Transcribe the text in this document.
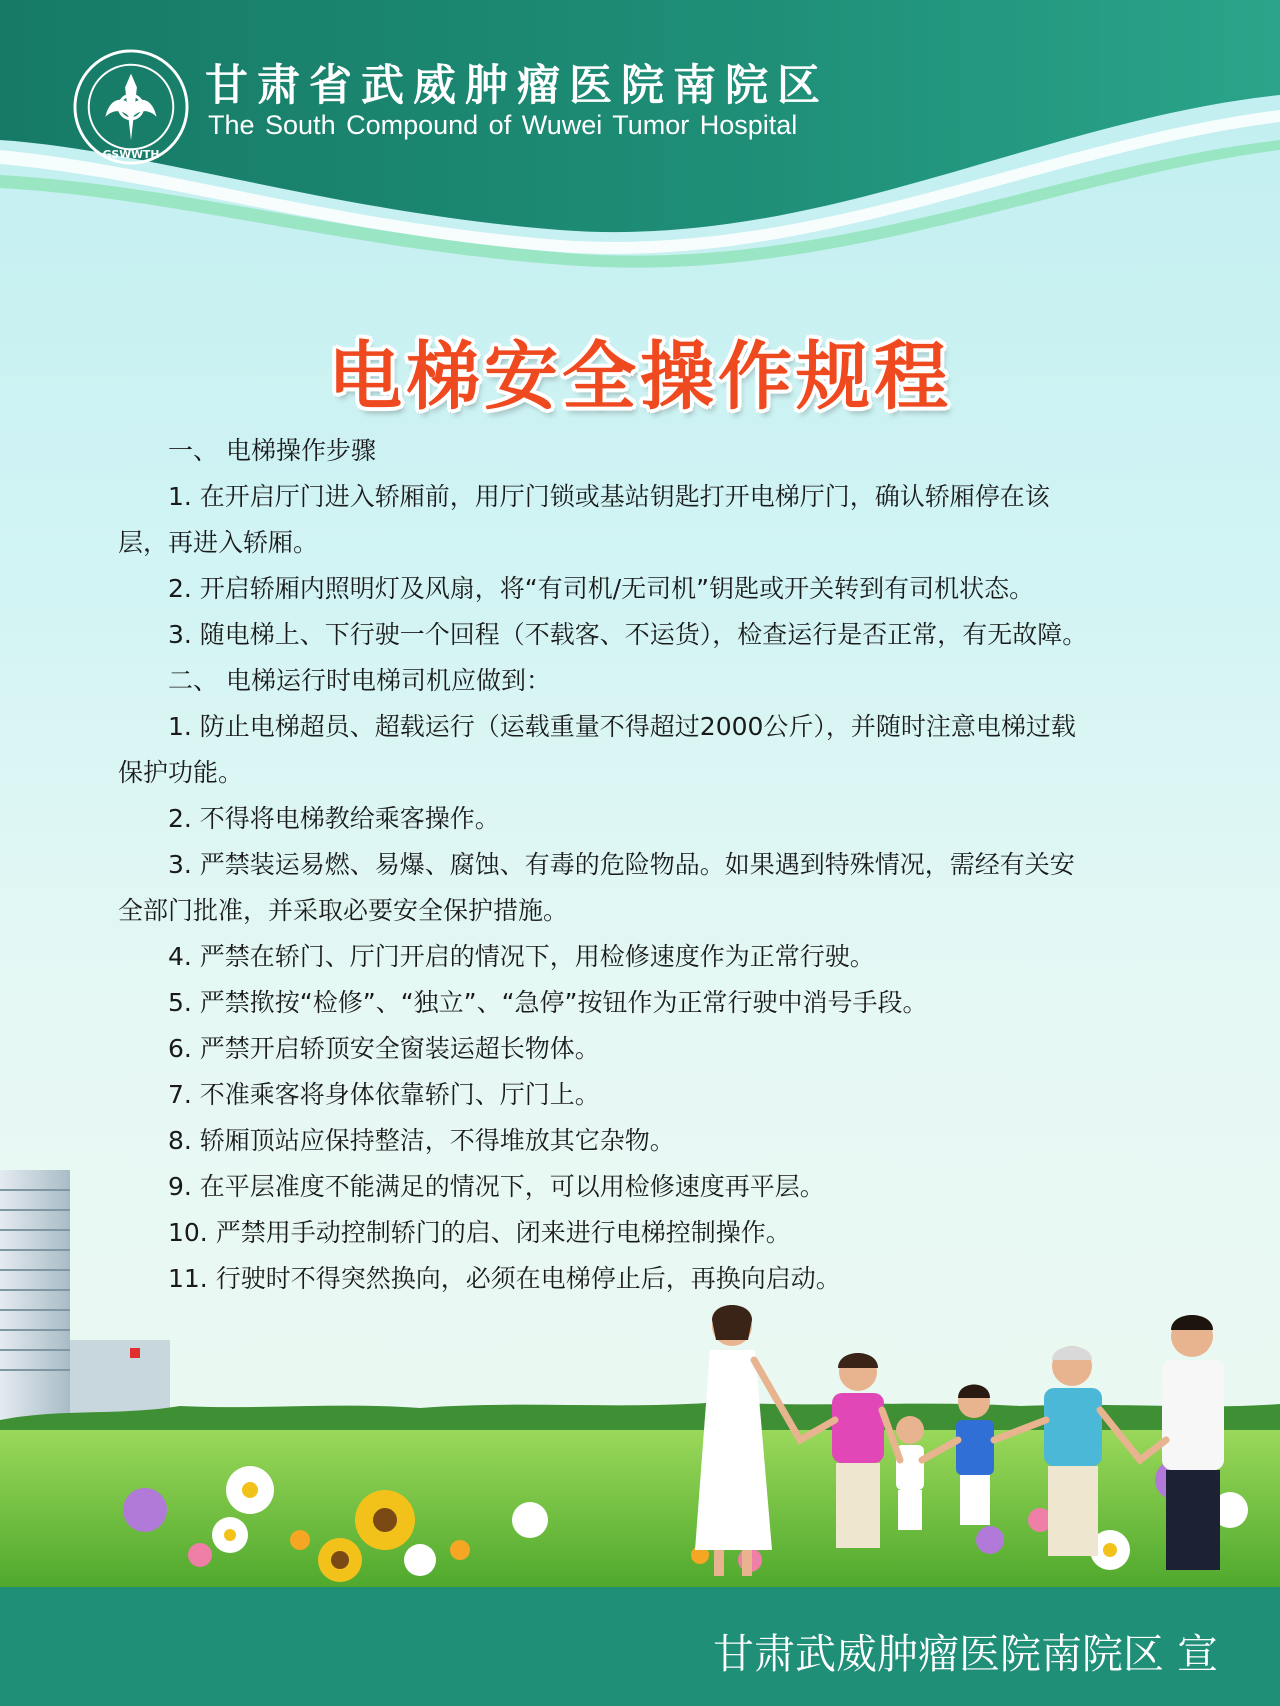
GSWWTH
甘肃省武威肿瘤医院南院区
The South Compound of Wuwei Tumor Hospital
电梯安全操作规程
一、 电梯操作步骤
1. 在开启厅门进入轿厢前，用厅门锁或基站钥匙打开电梯厅门，确认轿厢停在该
层，再进入轿厢。
2. 开启轿厢内照明灯及风扇，将“有司机/无司机”钥匙或开关转到有司机状态。
3. 随电梯上、下行驶一个回程（不载客、不运货），检查运行是否正常，有无故障。
二、 电梯运行时电梯司机应做到：
1. 防止电梯超员、超载运行（运载重量不得超过2000公斤），并随时注意电梯过载
保护功能。
2. 不得将电梯教给乘客操作。
3. 严禁装运易燃、易爆、腐蚀、有毒的危险物品。如果遇到特殊情况，需经有关安
全部门批准，并采取必要安全保护措施。
4. 严禁在轿门、厅门开启的情况下，用检修速度作为正常行驶。
5. 严禁揿按“检修”、“独立”、“急停”按钮作为正常行驶中消号手段。
6. 严禁开启轿顶安全窗装运超长物体。
7. 不准乘客将身体依靠轿门、厅门上。
8. 轿厢顶站应保持整洁，不得堆放其它杂物。
9. 在平层准度不能满足的情况下，可以用检修速度再平层。
10. 严禁用手动控制轿门的启、闭来进行电梯控制操作。
11. 行驶时不得突然换向，必须在电梯停止后，再换向启动。
甘肃武威肿瘤医院南院区 宣
